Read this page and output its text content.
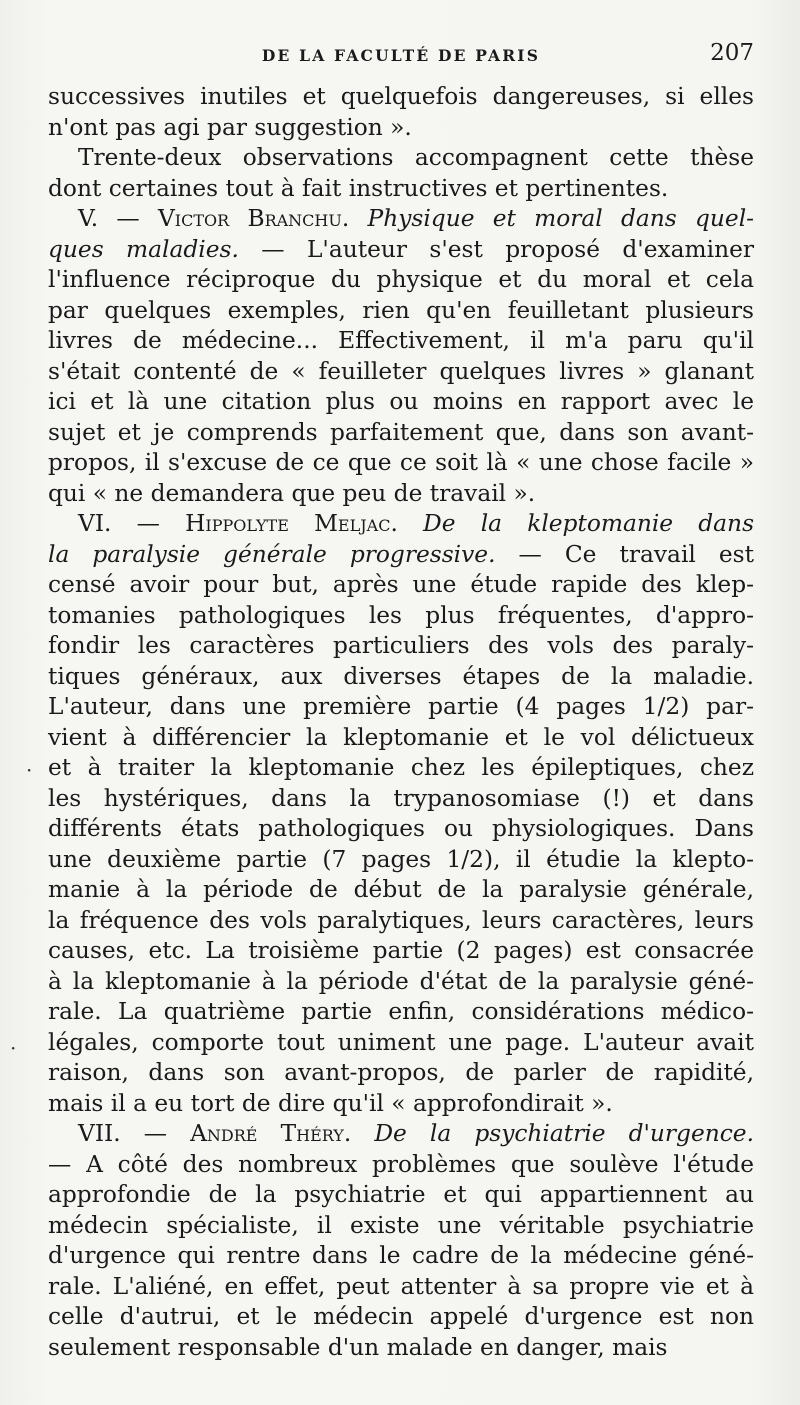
DE LA FACULTÉ DE PARIS	207
successives inutiles et quelquefois dangereuses, si elles
n'ont pas agi par suggestion ».
Trente-deux observations accompagnent cette thèse
dont certaines tout à fait instructives et pertinentes.
V. — Victor Branchu. Physique et moral dans quel-
ques maladies. — L'auteur s'est proposé d'examiner
l'influence réciproque du physique et du moral et cela
par quelques exemples, rien qu'en feuilletant plusieurs
livres de médecine... Effectivement, il m'a paru qu'il
s'était contenté de « feuilleter quelques livres » glanant
ici et là une citation plus ou moins en rapport avec le
sujet et je comprends parfaitement que, dans son avant-
propos, il s'excuse de ce que ce soit là « une chose facile »
qui « ne demandera que peu de travail ».
VI. — Hippolyte Meljac. De la kleptomanie dans
la paralysie générale progressive. — Ce travail est
censé avoir pour but, après une étude rapide des klep-
tomanies pathologiques les plus fréquentes, d'appro-
fondir les caractères particuliers des vols des paraly-
tiques généraux, aux diverses étapes de la maladie.
L'auteur, dans une première partie (4 pages 1/2) par-
vient à différencier la kleptomanie et le vol délictueux
et à traiter la kleptomanie chez les épileptiques, chez
les hystériques, dans la trypanosomiase (!) et dans
différents états pathologiques ou physiologiques. Dans
une deuxième partie (7 pages 1/2), il étudie la klepto-
manie à la période de début de la paralysie générale,
la fréquence des vols paralytiques, leurs caractères, leurs
causes, etc. La troisième partie (2 pages) est consacrée
à la kleptomanie à la période d'état de la paralysie géné-
rale. La quatrième partie enfin, considérations médico-
légales, comporte tout uniment une page. L'auteur avait
raison, dans son avant-propos, de parler de rapidité,
mais il a eu tort de dire qu'il « approfondirait ».
VII. — André Théry. De la psychiatrie d'urgence.
— A côté des nombreux problèmes que soulève l'étude
approfondie de la psychiatrie et qui appartiennent au
médecin spécialiste, il existe une véritable psychiatrie
d'urgence qui rentre dans le cadre de la médecine géné-
rale. L'aliéné, en effet, peut attenter à sa propre vie et à
celle d'autrui, et le médecin appelé d'urgence est non
seulement responsable d'un malade en danger, mais
·
·
